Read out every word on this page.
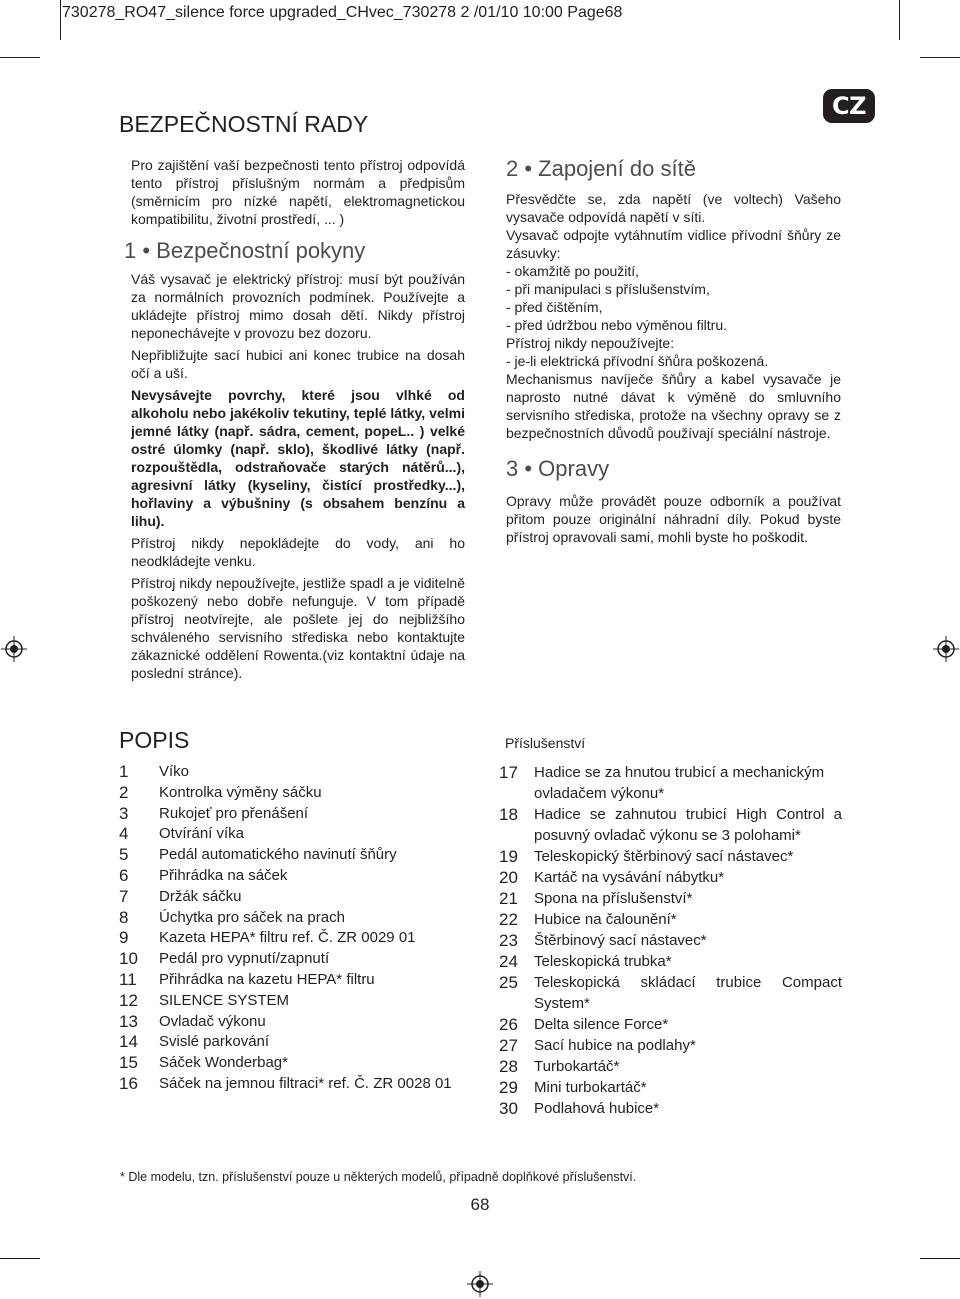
730278_RO47_silence force upgraded_CHvec_730278 2 /01/10 10:00 Page68
CZ
BEZPEČNOSTNÍ RADY

Pro zajištění vaší bezpečnosti tento přístroj odpovídá tento přístroj příslušným normám a předpisům (směrnicím pro nízké napětí, elektromagnetickou kompatibilitu, životní prostředí, ... )

1 • Bezpečnostní pokyny

Váš vysavač je elektrický přístroj: musí být používán za normálních provozních podmínek. Používejte a ukládejte přístroj mimo dosah dětí. Nikdy přístroj neponechávejte v provozu bez dozoru.

Nepřibližujte sací hubici ani konec trubice na dosah očí a uší.

Nevysávejte povrchy, které jsou vlhké od alkoholu nebo jakékoliv tekutiny, teplé látky, velmi jemné látky (např. sádra, cement, popeL.. ) velké ostré úlomky (např. sklo), škodlivé látky (např. rozpouštědla, odstraňovače starých nátěrů...), agresivní látky (kyseliny, čistící prostředky...), hořlaviny a výbušniny (s obsahem benzínu a lihu).

Přístroj nikdy nepokládejte do vody, ani ho neodkládejte venku.

Přístroj nikdy nepoužívejte, jestliže spadl a je viditelně poškozený nebo dobře nefunguje. V tom případě přístroj neotvírejte, ale pošlete jej do nejbližšího schváleného servisního střediska nebo kontaktujte zákaznické oddělení Rowenta.(viz kontaktní údaje na poslední stránce).

2 • Zapojení do sítě

Přesvědčte se, zda napětí (ve voltech) Vašeho vysavače odpovídá napětí v síti.

Vysavač odpojte vytáhnutím vidlice přívodní šňůry ze zásuvky:

- okamžitě po použití,

- při manipulaci s příslušenstvím,

- před čištěním,

- před údržbou nebo výměnou filtru.

Přístroj nikdy nepoužívejte:

- je-li elektrická přívodní šňůra poškozená.

Mechanismus navíječe šňůry a kabel vysavače je naprosto nutné dávat k výměně do smluvního servisního střediska, protože na všechny opravy se z bezpečnostních důvodů používají speciální nástroje.

3 • Opravy

Opravy může provádět pouze odborník a používat přitom pouze originální náhradní díly. Pokud byste přístroj opravovali sami, mohli byste ho poškodit.

POPIS
1	Víko
2	Kontrolka výměny sáčku
3	Rukojeť pro přenášení
4	Otvírání víka
5	Pedál automatického navinutí šňůry
6	Přihrádka na sáček
7	Držák sáčku
8	Úchytka pro sáček na prach
9	Kazeta HEPA* filtru ref. Č. ZR 0029 01
10	Pedál pro vypnutí/zapnutí
11	Přihrádka na kazetu HEPA* filtru
12	SILENCE SYSTEM
13	Ovladač výkonu
14	Svislé parkování
15	Sáček Wonderbag*
16	Sáček na jemnou filtraci* ref. Č. ZR 0028 01
Příslušenství
17	Hadice se za hnutou trubicí a mechanickým ovladačem výkonu*
18	Hadice se zahnutou trubicí High Control a posuvný ovladač výkonu se 3 polohami*
19	Teleskopický štěrbinový sací nástavec*
20	Kartáč na vysávání nábytku*
21	Spona na příslušenství*
22	Hubice na čalounění*
23	Štěrbinový sací nástavec*
24	Teleskopická trubka*
25	Teleskopická skládací trubice Compact System*
26	Delta silence Force*
27	Sací hubice na podlahy*
28	Turbokartáč*
29	Mini turbokartáč*
30	Podlahová hubice*
* Dle modelu, tzn. příslušenství pouze u některých modelů, případně doplňkové příslušenství.
68
